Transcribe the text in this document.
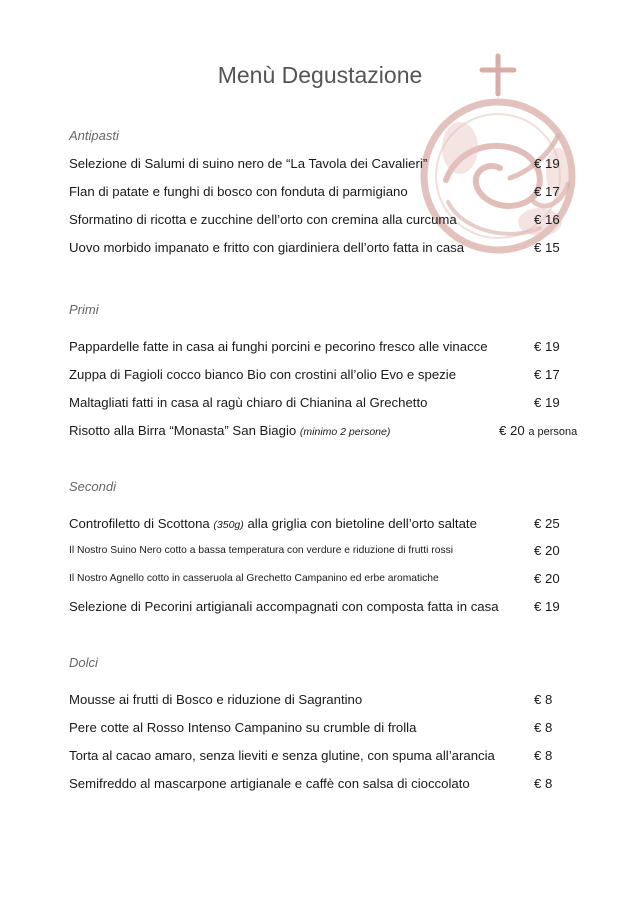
Menù Degustazione
Antipasti
Selezione di Salumi di suino nero de “La Tavola dei Cavalieri”	€ 19
Flan di patate e funghi di bosco con fonduta di parmigiano	€ 17
Sformatino di ricotta e zucchine dell’orto con cremina alla curcuma	€ 16
Uovo morbido impanato e fritto con giardiniera dell’orto fatta in casa	€ 15
Primi
Pappardelle fatte in casa ai funghi porcini e pecorino fresco alle vinacce	€ 19
Zuppa di Fagioli cocco bianco Bio con crostini all’olio Evo e spezie	€ 17
Maltagliati fatti in casa al ragù chiaro di Chianina al Grechetto	€ 19
Risotto alla Birra “Monasta” San Biagio (minimo 2 persone)	€ 20 a persona
Secondi
Controfiletto di Scottona (350g) alla griglia con bietoline dell’orto saltate	€ 25
Il Nostro Suino Nero cotto a bassa temperatura con verdure e riduzione di frutti rossi	€ 20
Il Nostro Agnello cotto in casseruola al Grechetto Campanino ed erbe aromatiche	€ 20
Selezione di Pecorini artigianali accompagnati con composta fatta in casa	€ 19
Dolci
Mousse ai frutti di Bosco e riduzione di Sagrantino	€ 8
Pere cotte al Rosso Intenso Campanino su crumble di frolla	€ 8
Torta al cacao amaro, senza lieviti e senza glutine, con spuma all’arancia	€ 8
Semifreddo al mascarpone artigianale e caffè con salsa di cioccolato	€ 8
